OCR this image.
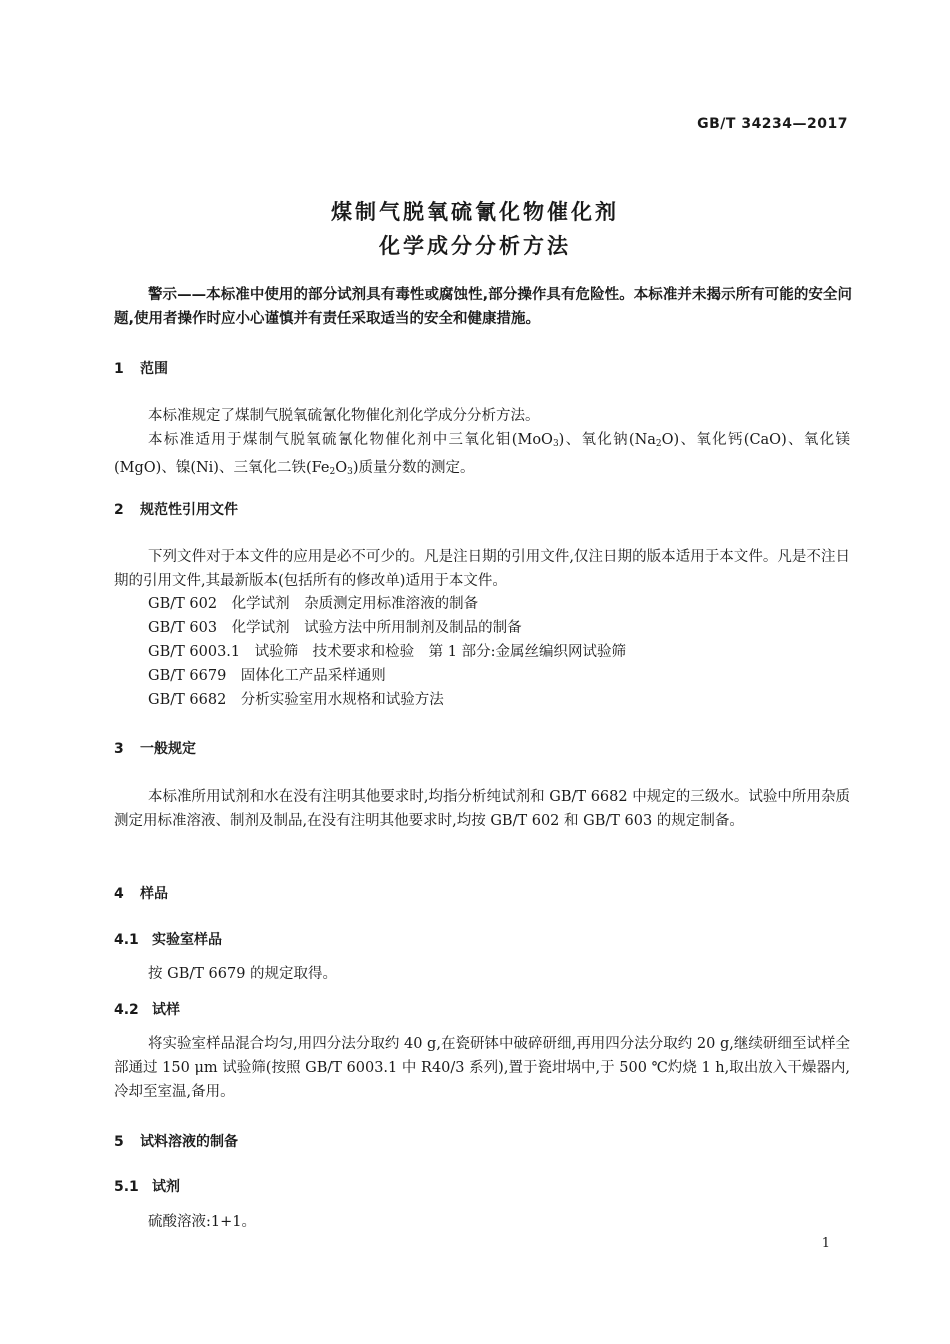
GB/T 34234—2017
煤制气脱氧硫氰化物催化剂
化学成分分析方法
警示——本标准中使用的部分试剂具有毒性或腐蚀性,部分操作具有危险性。本标准并未揭示所有可能的安全问题,使用者操作时应小心谨慎并有责任采取适当的安全和健康措施。
1 范围
本标准规定了煤制气脱氧硫氰化物催化剂化学成分分析方法。
本标准适用于煤制气脱氧硫氰化物催化剂中三氧化钼(MoO$_3$)、氧化钠$(Na_2O)$、氧化钙(CaO)、氧化镁(MgO)、镍(Ni)、三氧化二铁$(Fe_2O_3)$质量分数的测定。
2 规范性引用文件
下列文件对于本文件的应用是必不可少的。凡是注日期的引用文件,仅注日期的版本适用于本文件。凡是不注日期的引用文件,其最新版本(包括所有的修改单)适用于本文件。
GB/T 602　化学试剂　杂质测定用标准溶液的制备
GB/T 603　化学试剂　试验方法中所用制剂及制品的制备
GB/T 6003.1　试验筛　技术要求和检验　第 1 部分:金属丝编织网试验筛
GB/T 6679　固体化工产品采样通则
GB/T 6682　分析实验室用水规格和试验方法
3 一般规定
本标准所用试剂和水在没有注明其他要求时,均指分析纯试剂和 GB/T 6682 中规定的三级水。试验中所用杂质测定用标准溶液、制剂及制品,在没有注明其他要求时,均按 GB/T 602 和 GB/T 603 的规定制备。
4 样品
4.1 实验室样品
按 GB/T 6679 的规定取得。
4.2 试样
将实验室样品混合均匀,用四分法分取约 40 g,在瓷研钵中破碎研细,再用四分法分取约 20 g,继续研细至试样全部通过 150 μm 试验筛(按照 GB/T 6003.1 中 R40/3 系列),置于瓷坩埚中,于 500 ℃灼烧 1 h,取出放入干燥器内,冷却至室温,备用。
5 试料溶液的制备
5.1 试剂
硫酸溶液:1+1。
1
